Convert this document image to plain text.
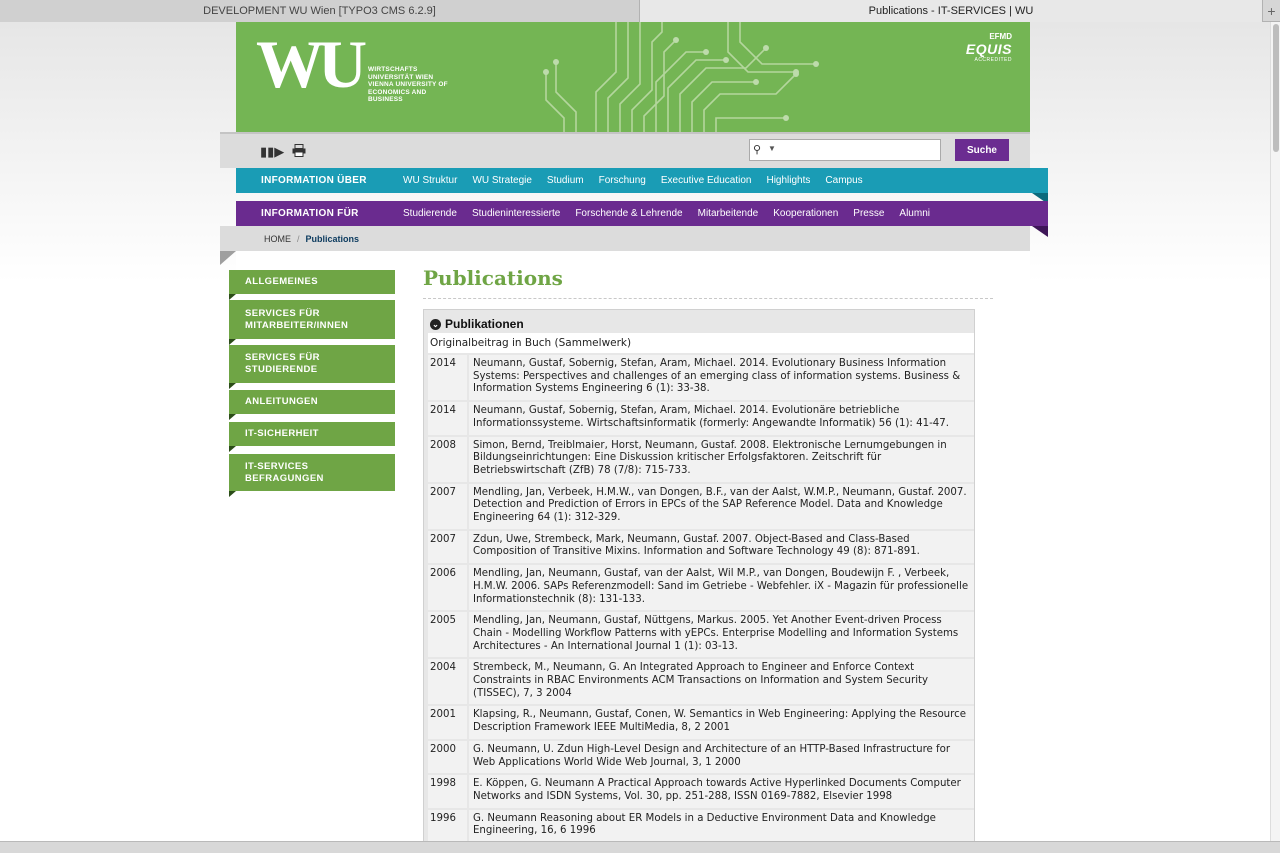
DEVELOPMENT WU Wien [TYPO3 CMS 6.2.9]	Publications - IT-SERVICES | WU	+
WU WIRTSCHAFTS UNIVERSITÄT WIEN VIENNA UNIVERSITY OF ECONOMICS AND BUSINESS
EFMD
EQUIS
ACCREDITED
▮▮▶	⚲ ▼	Suche
INFORMATION ÜBER	WU Struktur WU Strategie Studium Forschung Executive Education Highlights Campus
INFORMATION FÜR	Studierende Studieninteressierte Forschende & Lehrende Mitarbeitende Kooperationen Presse Alumni
HOME / Publications
ALLGEMEINES
SERVICES FÜR MITARBEITER/INNEN
SERVICES FÜR STUDIERENDE
ANLEITUNGEN
IT-SICHERHEIT
IT-SERVICES BEFRAGUNGEN
Publications
⌄ Publikationen
Originalbeitrag in Buch (Sammelwerk)
2014	Neumann, Gustaf, Sobernig, Stefan, Aram, Michael. 2014. Evolutionary Business Information Systems: Perspectives and challenges of an emerging class of information systems. Business & Information Systems Engineering 6 (1): 33-38.
2014	Neumann, Gustaf, Sobernig, Stefan, Aram, Michael. 2014. Evolutionäre betriebliche Informationssysteme. Wirtschaftsinformatik (formerly: Angewandte Informatik) 56 (1): 41-47.
2008	Simon, Bernd, Treiblmaier, Horst, Neumann, Gustaf. 2008. Elektronische Lernumgebungen in Bildungseinrichtungen: Eine Diskussion kritischer Erfolgsfaktoren. Zeitschrift für Betriebswirtschaft (ZfB) 78 (7/8): 715-733.
2007	Mendling, Jan, Verbeek, H.M.W., van Dongen, B.F., van der Aalst, W.M.P., Neumann, Gustaf. 2007. Detection and Prediction of Errors in EPCs of the SAP Reference Model. Data and Knowledge Engineering 64 (1): 312-329.
2007	Zdun, Uwe, Strembeck, Mark, Neumann, Gustaf. 2007. Object-Based and Class-Based Composition of Transitive Mixins. Information and Software Technology 49 (8): 871-891.
2006	Mendling, Jan, Neumann, Gustaf, van der Aalst, Wil M.P., van Dongen, Boudewijn F. , Verbeek, H.M.W. 2006. SAPs Referenzmodell: Sand im Getriebe - Webfehler. iX - Magazin für professionelle Informationstechnik (8): 131-133.
2005	Mendling, Jan, Neumann, Gustaf, Nüttgens, Markus. 2005. Yet Another Event-driven Process Chain - Modelling Workflow Patterns with yEPCs. Enterprise Modelling and Information Systems Architectures - An International Journal 1 (1): 03-13.
2004	Strembeck, M., Neumann, G. An Integrated Approach to Engineer and Enforce Context Constraints in RBAC Environments ACM Transactions on Information and System Security (TISSEC), 7, 3 2004
2001	Klapsing, R., Neumann, Gustaf, Conen, W. Semantics in Web Engineering: Applying the Resource Description Framework IEEE MultiMedia, 8, 2 2001
2000	G. Neumann, U. Zdun High-Level Design and Architecture of an HTTP-Based Infrastructure for Web Applications World Wide Web Journal, 3, 1 2000
1998	E. Köppen, G. Neumann A Practical Approach towards Active Hyperlinked Documents Computer Networks and ISDN Systems, Vol. 30, pp. 251-288, ISSN 0169-7882, Elsevier 1998
1996	G. Neumann Reasoning about ER Models in a Deductive Environment Data and Knowledge Engineering, 16, 6 1996
